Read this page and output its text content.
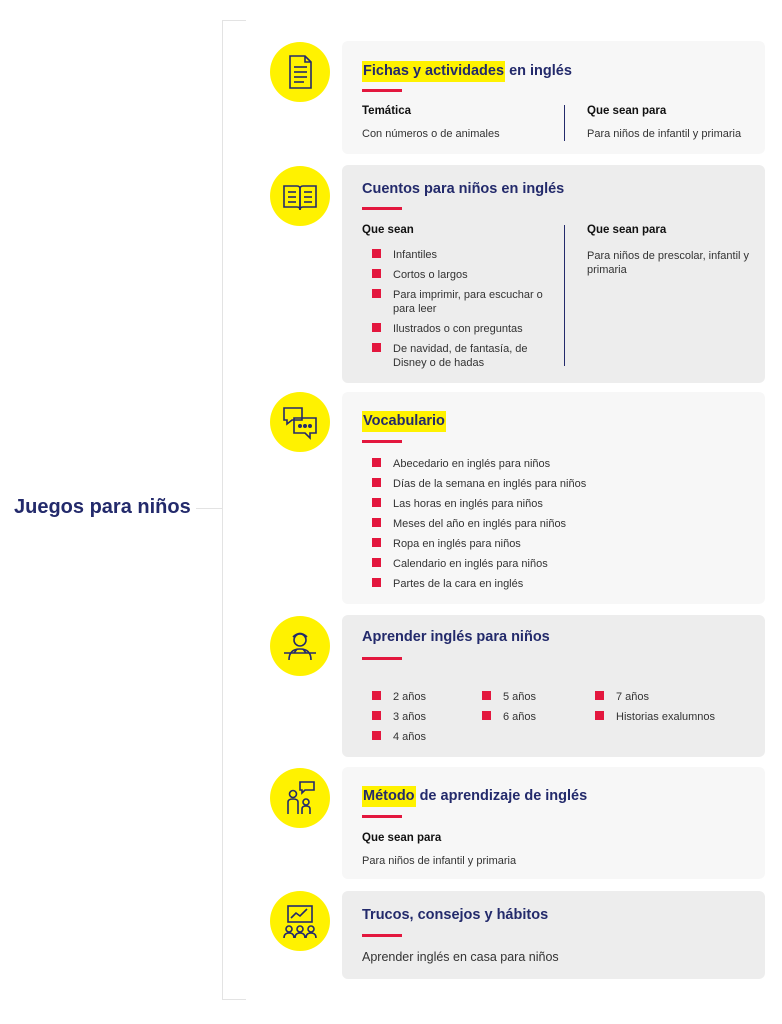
Juegos para niños
Fichas y actividades en inglés
Temática
Con números o de animales
Que sean para
Para niños de infantil y primaria
Cuentos para niños en inglés
Que sean
Infantiles
Cortos o largos
Para imprimir, para escuchar o para leer
Ilustrados o con preguntas
De navidad, de fantasía, de Disney o de hadas
Que sean para
Para niños de prescolar, infantil y primaria
Vocabulario
Abecedario en inglés para niños
Días de la semana en inglés para niños
Las horas en inglés para niños
Meses del año en inglés para niños
Ropa en inglés para niños
Calendario en inglés para niños
Partes de la cara en inglés
Aprender inglés para niños
2 años
3 años
4 años
5 años
6 años
7 años
Historias exalumnos
Método de aprendizaje de inglés
Que sean para
Para niños de infantil y primaria
Trucos, consejos y hábitos
Aprender inglés en casa para niños
